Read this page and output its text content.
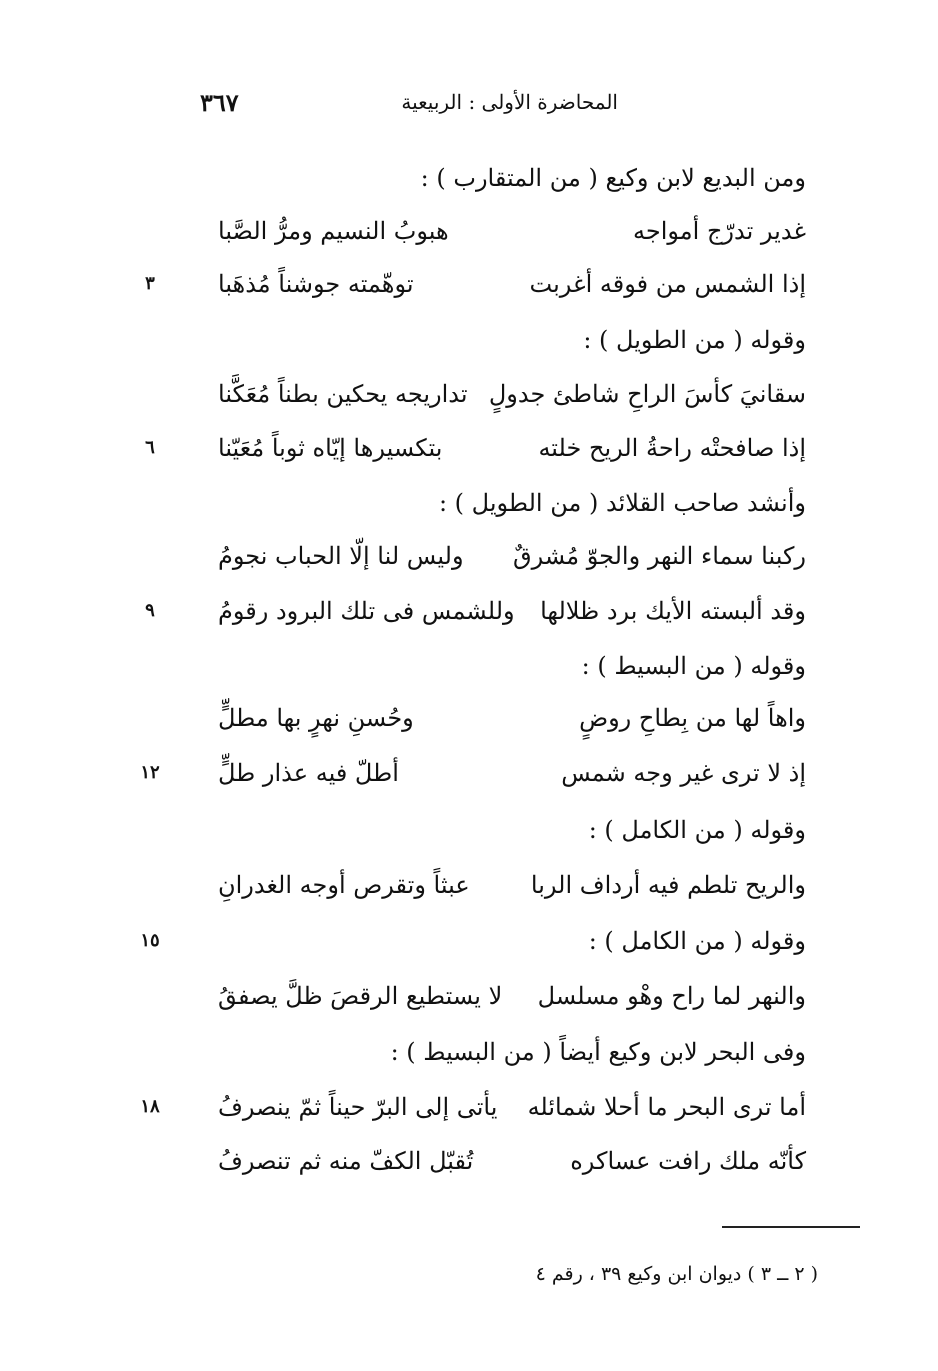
المحاضرة الأولى : الربيعية
٣٦٧
ومن البديع لابن وكيع ( من المتقارب ) :
غدير تدرّج أمواجه
هبوبُ النسيم ومرُّ الصَّبا
إذا الشمس من فوقه أغربت
توهّمته جوشناً مُذهَبا
٣
وقوله ( من الطويل ) :
سقانيَ كأسَ الراحِ شاطئ جدولٍ
تداريجه يحكين بطناً مُعَكَّنا
إذا صافحتْه راحةُ الريح خلته
بتكسيرها إيّاه ثوباً مُعَيّنا
٦
وأنشد صاحب القلائد ( من الطويل ) :
ركبنا سماء النهر والجوّ مُشرقٌ
وليس لنا إلّا الحباب نجومُ
وقد ألبسته الأيك برد ظلالها
وللشمس فى تلك البرود رقومُ
٩
وقوله ( من البسيط ) :
واهاً لها من بِطاحِ روضٍ
وحُسنِ نهرٍ بها مطلٍّ
إذ لا ترى غير وجه شمس
أطلّ فيه عذار طلٍّ
١٢
وقوله ( من الكامل ) :
والريح تلطم فيه أرداف الربا
عبثاً وتقرص أوجه الغدرانِ
وقوله ( من الكامل ) :
١٥
والنهر لما راح وهْو مسلسل
لا يستطيع الرقصَ ظلَّ يصفقُ
وفى البحر لابن وكيع أيضاً ( من البسيط ) :
أما ترى البحر ما أحلا شمائله
يأتى إلى البرّ حيناً ثمّ ينصرفُ
١٨
كأنّه ملك رافت عساكره
تُقبّل الكفّ منه ثم تنصرفُ
( ٢ ــ ٣ ) ديوان ابن وكيع ٣٩ ، رقم ٤
